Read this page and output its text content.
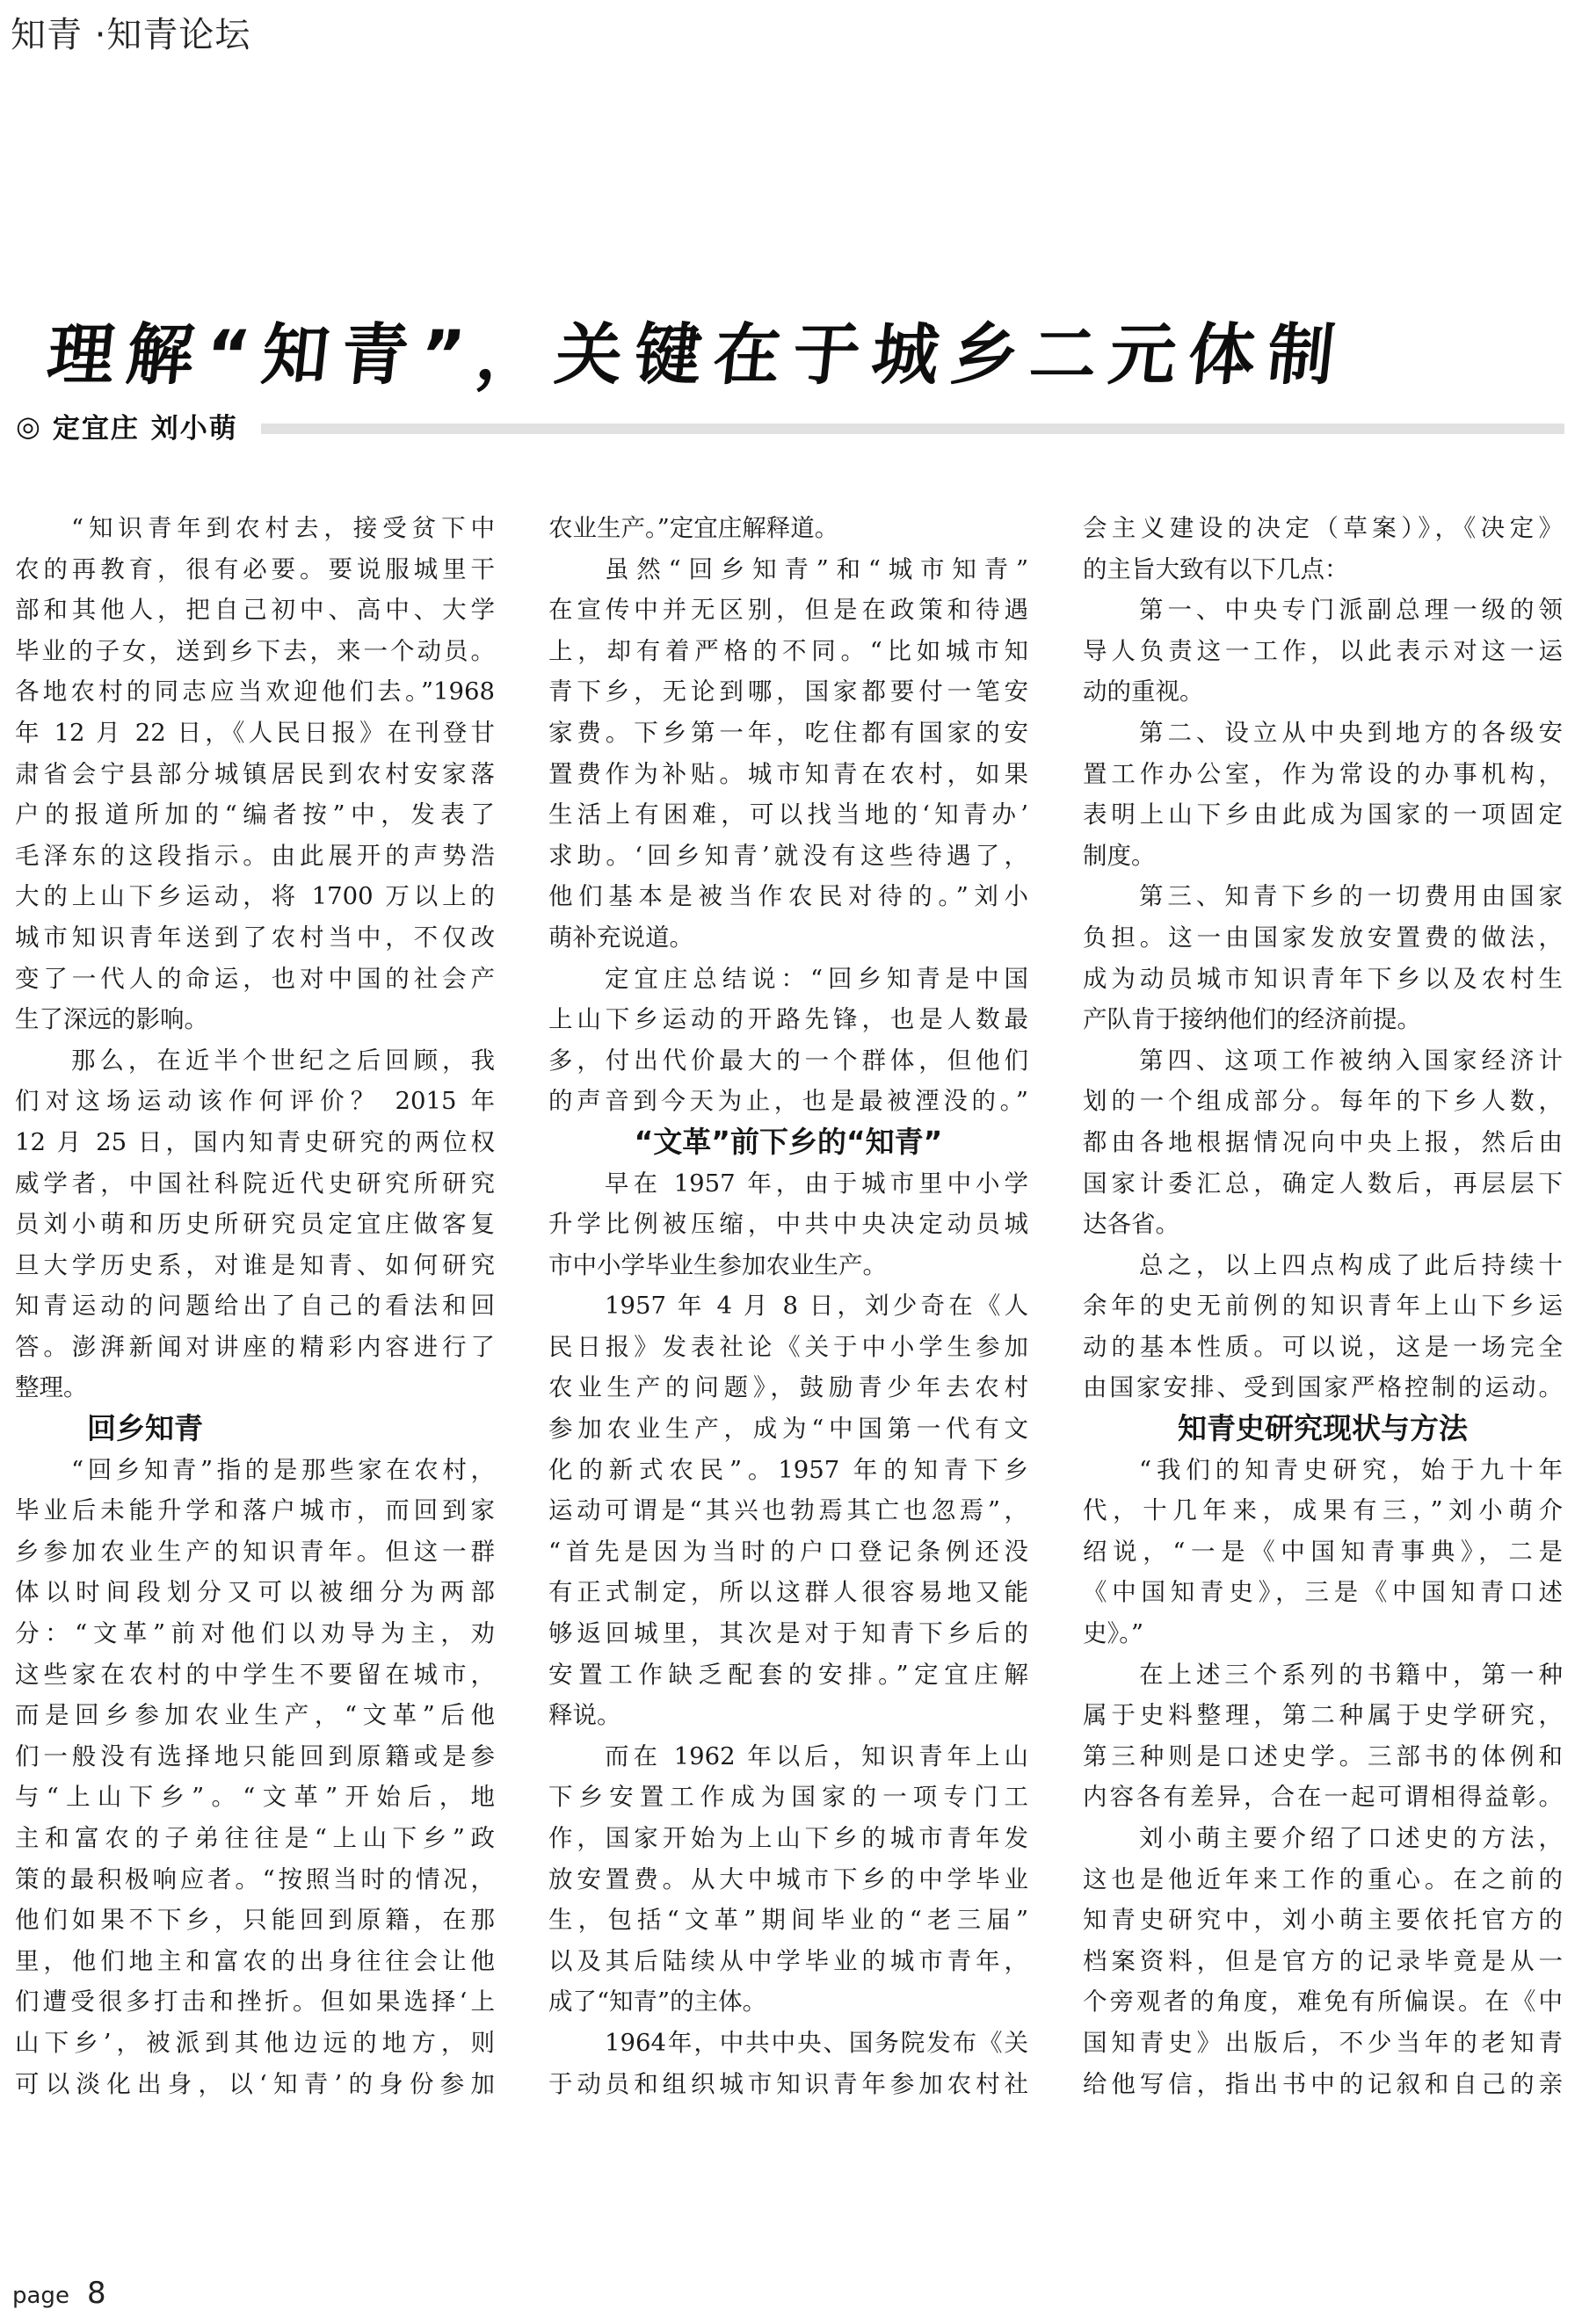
知青 ·知青论坛
理解“知青”，关键在于城乡二元体制
◎ 定宜庄 刘小萌
“知识青年到农村去，接受贫下中
农的再教育，很有必要。要说服城里干
部和其他人，把自己初中、高中、大学
毕业的子女，送到乡下去，来一个动员。
各地农村的同志应当欢迎他们去。”1968
年 12 月 22 日，《人民日报》在刊登甘
肃省会宁县部分城镇居民到农村安家落
户的报道所加的“编者按”中，发表了
毛泽东的这段指示。由此展开的声势浩
大的上山下乡运动，将 1700 万以上的
城市知识青年送到了农村当中，不仅改
变了一代人的命运，也对中国的社会产
生了深远的影响。
那么，在近半个世纪之后回顾，我
们对这场运动该作何评价？ 2015 年
12 月 25 日，国内知青史研究的两位权
威学者，中国社科院近代史研究所研究
员刘小萌和历史所研究员定宜庄做客复
旦大学历史系，对谁是知青、如何研究
知青运动的问题给出了自己的看法和回
答。澎湃新闻对讲座的精彩内容进行了
整理。
回乡知青
“回乡知青”指的是那些家在农村，
毕业后未能升学和落户城市，而回到家
乡参加农业生产的知识青年。但这一群
体以时间段划分又可以被细分为两部
分：“文革”前对他们以劝导为主，劝
这些家在农村的中学生不要留在城市，
而是回乡参加农业生产，“文革”后他
们一般没有选择地只能回到原籍或是参
与“上山下乡”。“文革”开始后，地
主和富农的子弟往往是“上山下乡”政
策的最积极响应者。“按照当时的情况，
他们如果不下乡，只能回到原籍，在那
里，他们地主和富农的出身往往会让他
们遭受很多打击和挫折。但如果选择‘上
山下乡’，被派到其他边远的地方，则
可以淡化出身，以‘知青’的身份参加
农业生产。”定宜庄解释道。
虽然“回乡知青”和“城市知青”
在宣传中并无区别，但是在政策和待遇
上，却有着严格的不同。“比如城市知
青下乡，无论到哪，国家都要付一笔安
家费。下乡第一年，吃住都有国家的安
置费作为补贴。城市知青在农村，如果
生活上有困难，可以找当地的‘知青办’
求助。‘回乡知青’就没有这些待遇了，
他们基本是被当作农民对待的。”刘小
萌补充说道。
定宜庄总结说：“回乡知青是中国
上山下乡运动的开路先锋，也是人数最
多，付出代价最大的一个群体，但他们
的声音到今天为止，也是最被湮没的。”
“文革”前下乡的“知青”
早在 1957 年，由于城市里中小学
升学比例被压缩，中共中央决定动员城
市中小学毕业生参加农业生产。
1957 年 4 月 8 日，刘少奇在《人
民日报》发表社论《关于中小学生参加
农业生产的问题》，鼓励青少年去农村
参加农业生产，成为“中国第一代有文
化的新式农民”。1957 年的知青下乡
运动可谓是“其兴也勃焉其亡也忽焉”，
“首先是因为当时的户口登记条例还没
有正式制定，所以这群人很容易地又能
够返回城里，其次是对于知青下乡后的
安置工作缺乏配套的安排。”定宜庄解
释说。
而在 1962 年以后，知识青年上山
下乡安置工作成为国家的一项专门工
作，国家开始为上山下乡的城市青年发
放安置费。从大中城市下乡的中学毕业
生，包括“文革”期间毕业的“老三届”
以及其后陆续从中学毕业的城市青年，
成了“知青”的主体。
1964年，中共中央、国务院发布《关
于动员和组织城市知识青年参加农村社
会主义建设的决定（草案）》，《决定》
的主旨大致有以下几点：
第一、中央专门派副总理一级的领
导人负责这一工作，以此表示对这一运
动的重视。
第二、设立从中央到地方的各级安
置工作办公室，作为常设的办事机构，
表明上山下乡由此成为国家的一项固定
制度。
第三、知青下乡的一切费用由国家
负担。这一由国家发放安置费的做法，
成为动员城市知识青年下乡以及农村生
产队肯于接纳他们的经济前提。
第四、这项工作被纳入国家经济计
划的一个组成部分。每年的下乡人数，
都由各地根据情况向中央上报，然后由
国家计委汇总，确定人数后，再层层下
达各省。
总之，以上四点构成了此后持续十
余年的史无前例的知识青年上山下乡运
动的基本性质。可以说，这是一场完全
由国家安排、受到国家严格控制的运动。
知青史研究现状与方法
“我们的知青史研究，始于九十年
代，十几年来，成果有三，”刘小萌介
绍说，“一是《中国知青事典》，二是
《中国知青史》，三是《中国知青口述
史》。”
在上述三个系列的书籍中，第一种
属于史料整理，第二种属于史学研究，
第三种则是口述史学。三部书的体例和
内容各有差异，合在一起可谓相得益彰。
刘小萌主要介绍了口述史的方法，
这也是他近年来工作的重心。在之前的
知青史研究中，刘小萌主要依托官方的
档案资料，但是官方的记录毕竟是从一
个旁观者的角度，难免有所偏误。在《中
国知青史》出版后，不少当年的老知青
给他写信，指出书中的记叙和自己的亲
page 8
